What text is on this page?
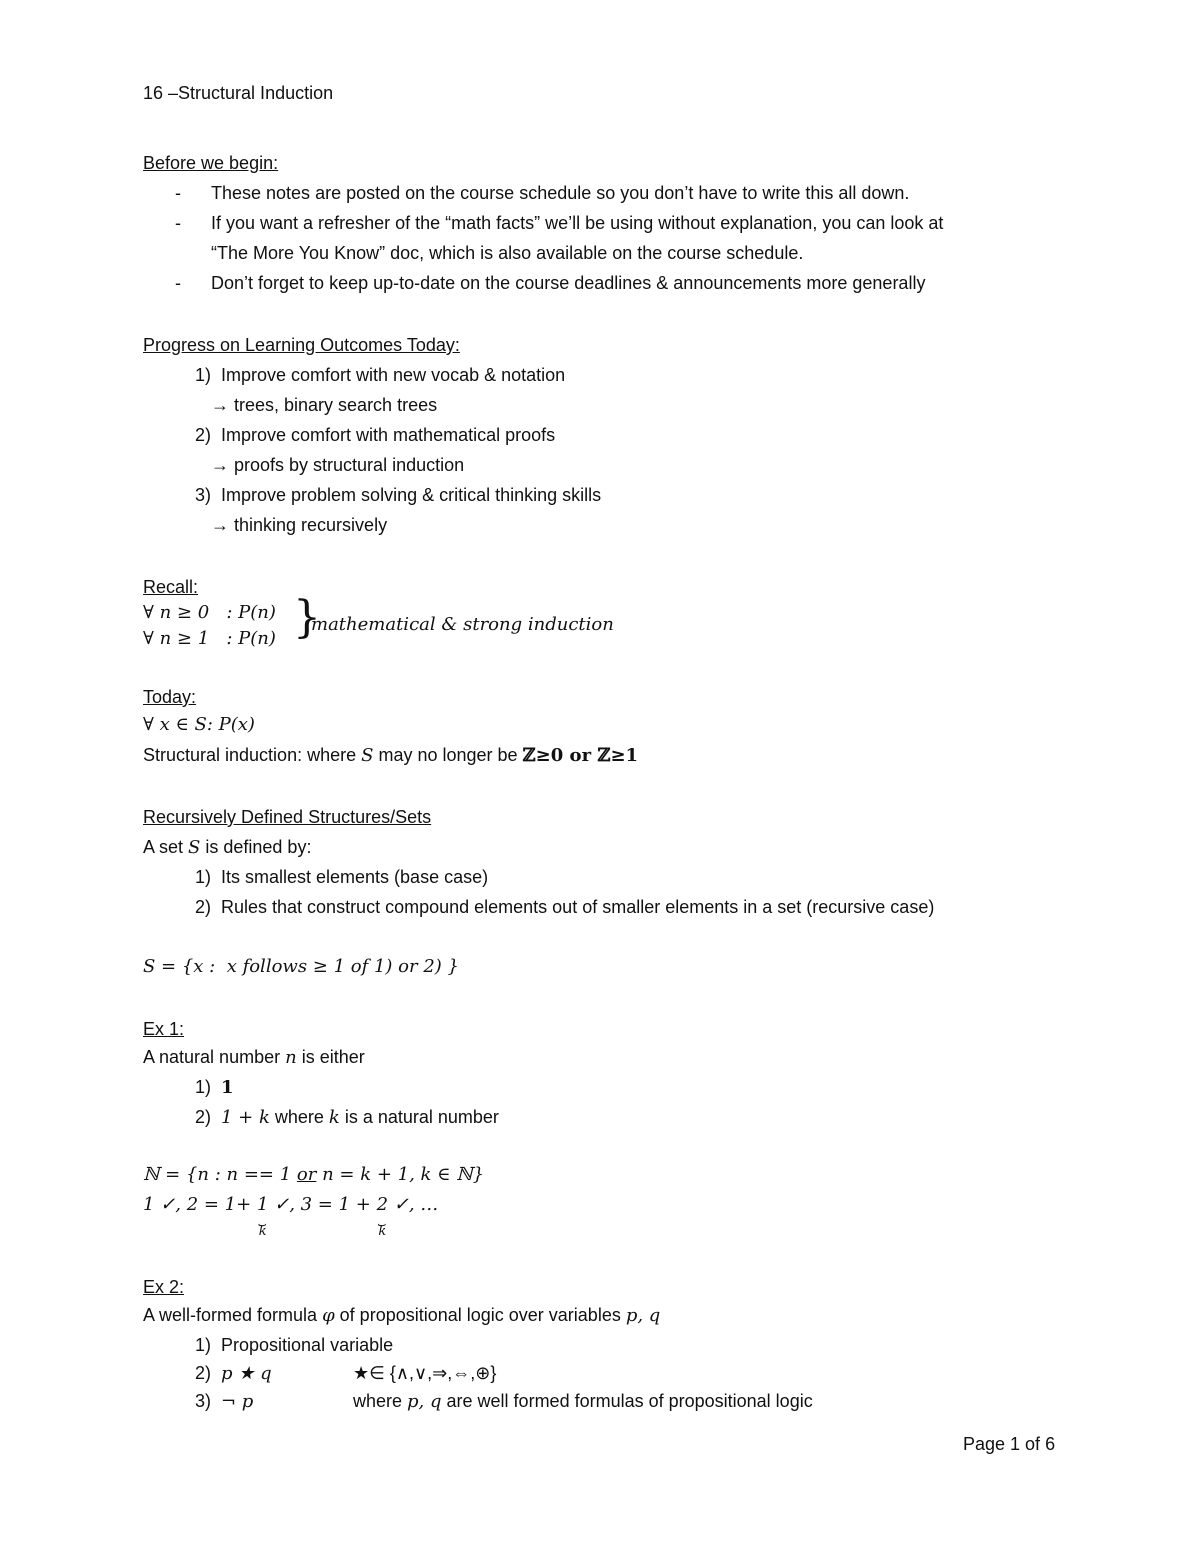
16 –Structural Induction
Before we begin:
- These notes are posted on the course schedule so you don’t have to write this all down.
- If you want a refresher of the “math facts” we’ll be using without explanation, you can look at
“The More You Know” doc, which is also available on the course schedule.
- Don’t forget to keep up-to-date on the course deadlines & announcements more generally
Progress on Learning Outcomes Today:
1) Improve comfort with new vocab & notation
→ trees, binary search trees
2) Improve comfort with mathematical proofs
→ proofs by structural induction
3) Improve problem solving & critical thinking skills
→ thinking recursively
Recall:
∀ n ≥ 0   : P(n)
∀ n ≥ 1   : P(n) }
mathematical & strong induction
Today:
∀ x ∈ S: P(x)
Structural induction: where S may no longer be ℤ≥0 or ℤ≥1
Recursively Defined Structures/Sets
A set S is defined by:
1) Its smallest elements (base case)
2) Rules that construct compound elements out of smaller elements in a set (recursive case)
S = {x :  x follows ≥ 1 of 1) or 2) }
Ex 1:
A natural number n is either
1) 1
2) 1 + k where k is a natural number
ℕ = {n : n == 1 or n = k + 1, k ∈ ℕ}
1 ✓, 2 = 1+ 1
⏟
k
✓, 3 = 1 + 2
⏟
k
✓, …
Ex 2:
A well-formed formula φ of propositional logic over variables p, q
1) Propositional variable
2) p ★ q	★∈ {∧,∨,⇒,⇔,⊕}
3) ¬ p	where p, q are well formed formulas of propositional logic
Page 1 of 6
